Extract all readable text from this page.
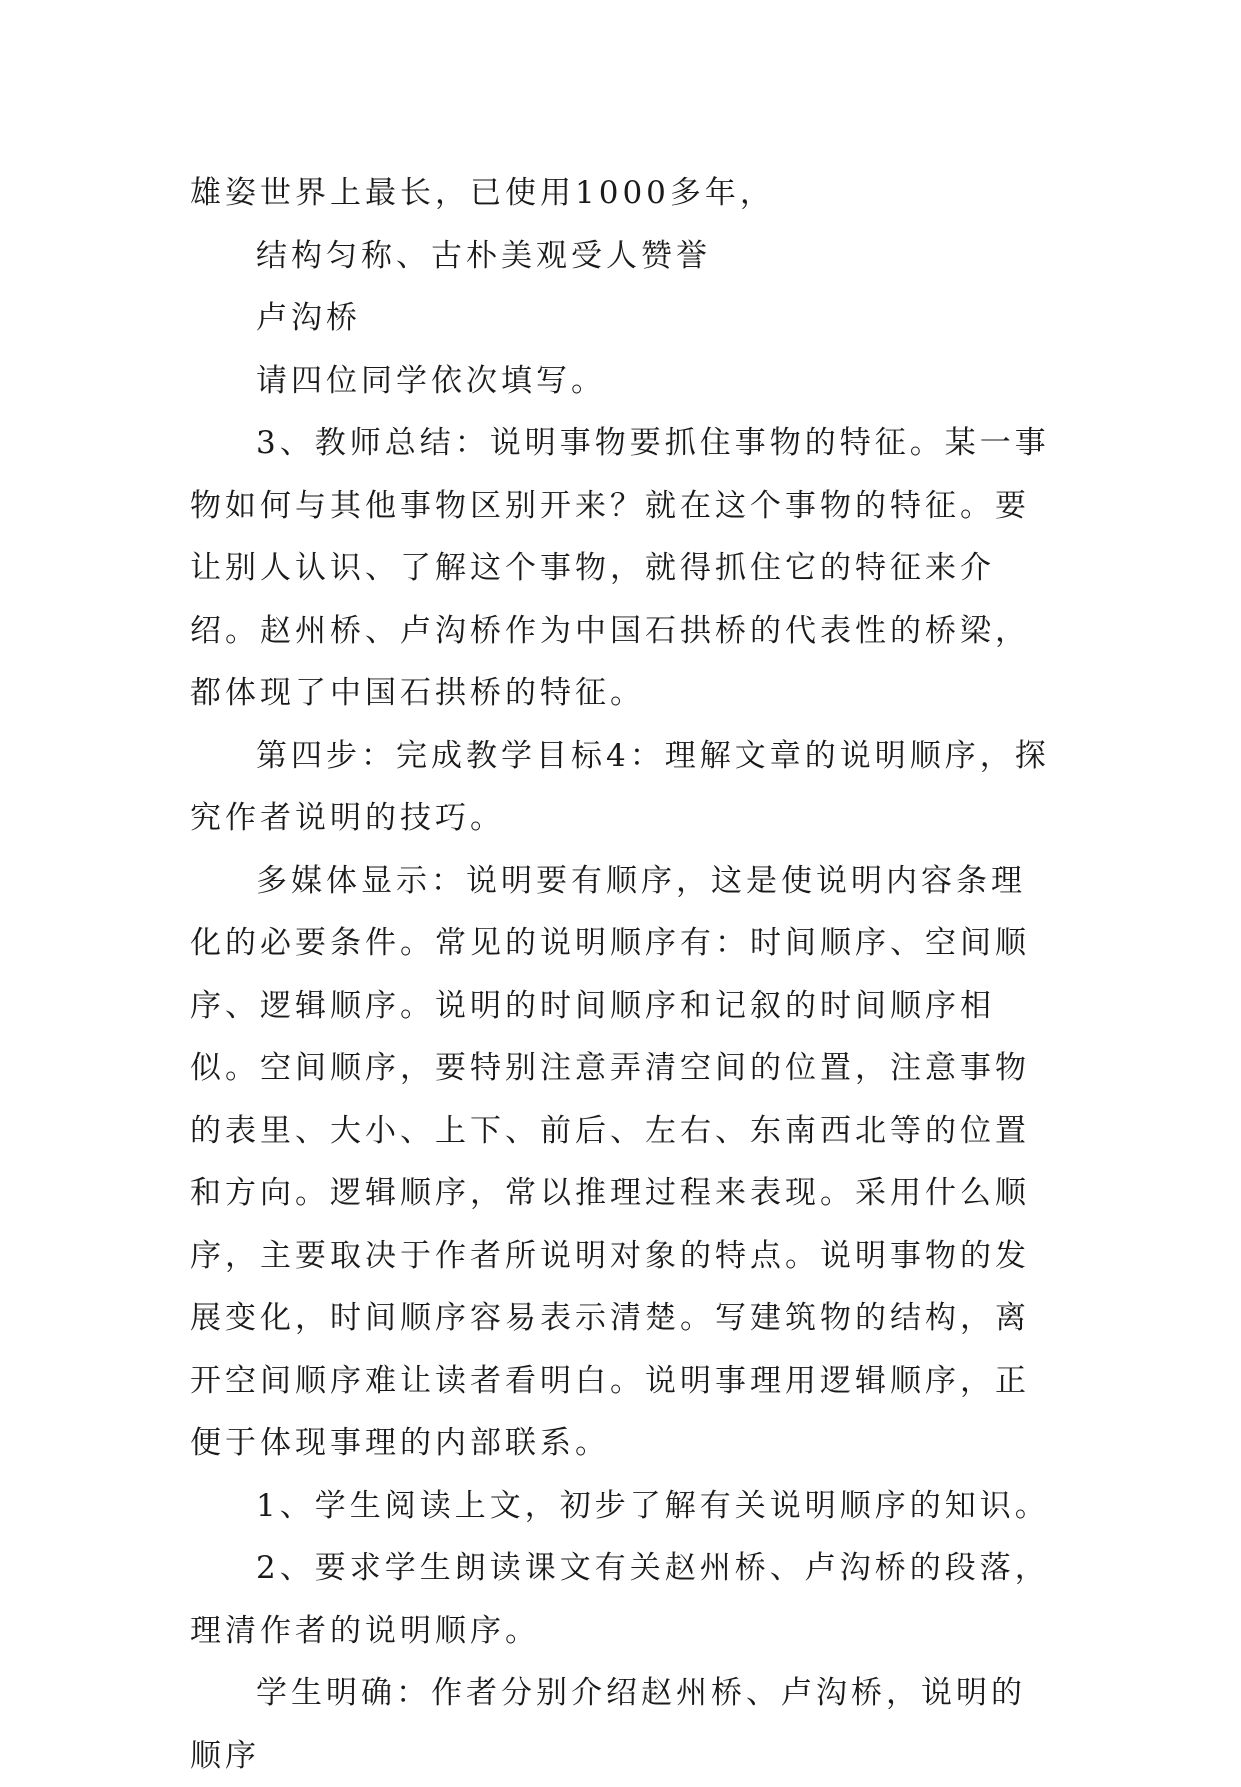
雄姿世界上最长，已使用1000多年，

结构匀称、古朴美观受人赞誉

卢沟桥

请四位同学依次填写。

3、教师总结：说明事物要抓住事物的特征。某一事物如何与其他事物区别开来？就在这个事物的特征。要让别人认识、了解这个事物，就得抓住它的特征来介绍。赵州桥、卢沟桥作为中国石拱桥的代表性的桥梁，都体现了中国石拱桥的特征。

第四步：完成教学目标4：理解文章的说明顺序，探究作者说明的技巧。

多媒体显示：说明要有顺序，这是使说明内容条理化的必要条件。常见的说明顺序有：时间顺序、空间顺序、逻辑顺序。说明的时间顺序和记叙的时间顺序相似。空间顺序，要特别注意弄清空间的位置，注意事物的表里、大小、上下、前后、左右、东南西北等的位置和方向。逻辑顺序，常以推理过程来表现。采用什么顺序，主要取决于作者所说明对象的特点。说明事物的发展变化，时间顺序容易表示清楚。写建筑物的结构，离开空间顺序难让读者看明白。说明事理用逻辑顺序，正便于体现事理的内部联系。

1、学生阅读上文，初步了解有关说明顺序的知识。

2、要求学生朗读课文有关赵州桥、卢沟桥的段落，理清作者的说明顺序。

学生明确：作者分别介绍赵州桥、卢沟桥，说明的顺序
